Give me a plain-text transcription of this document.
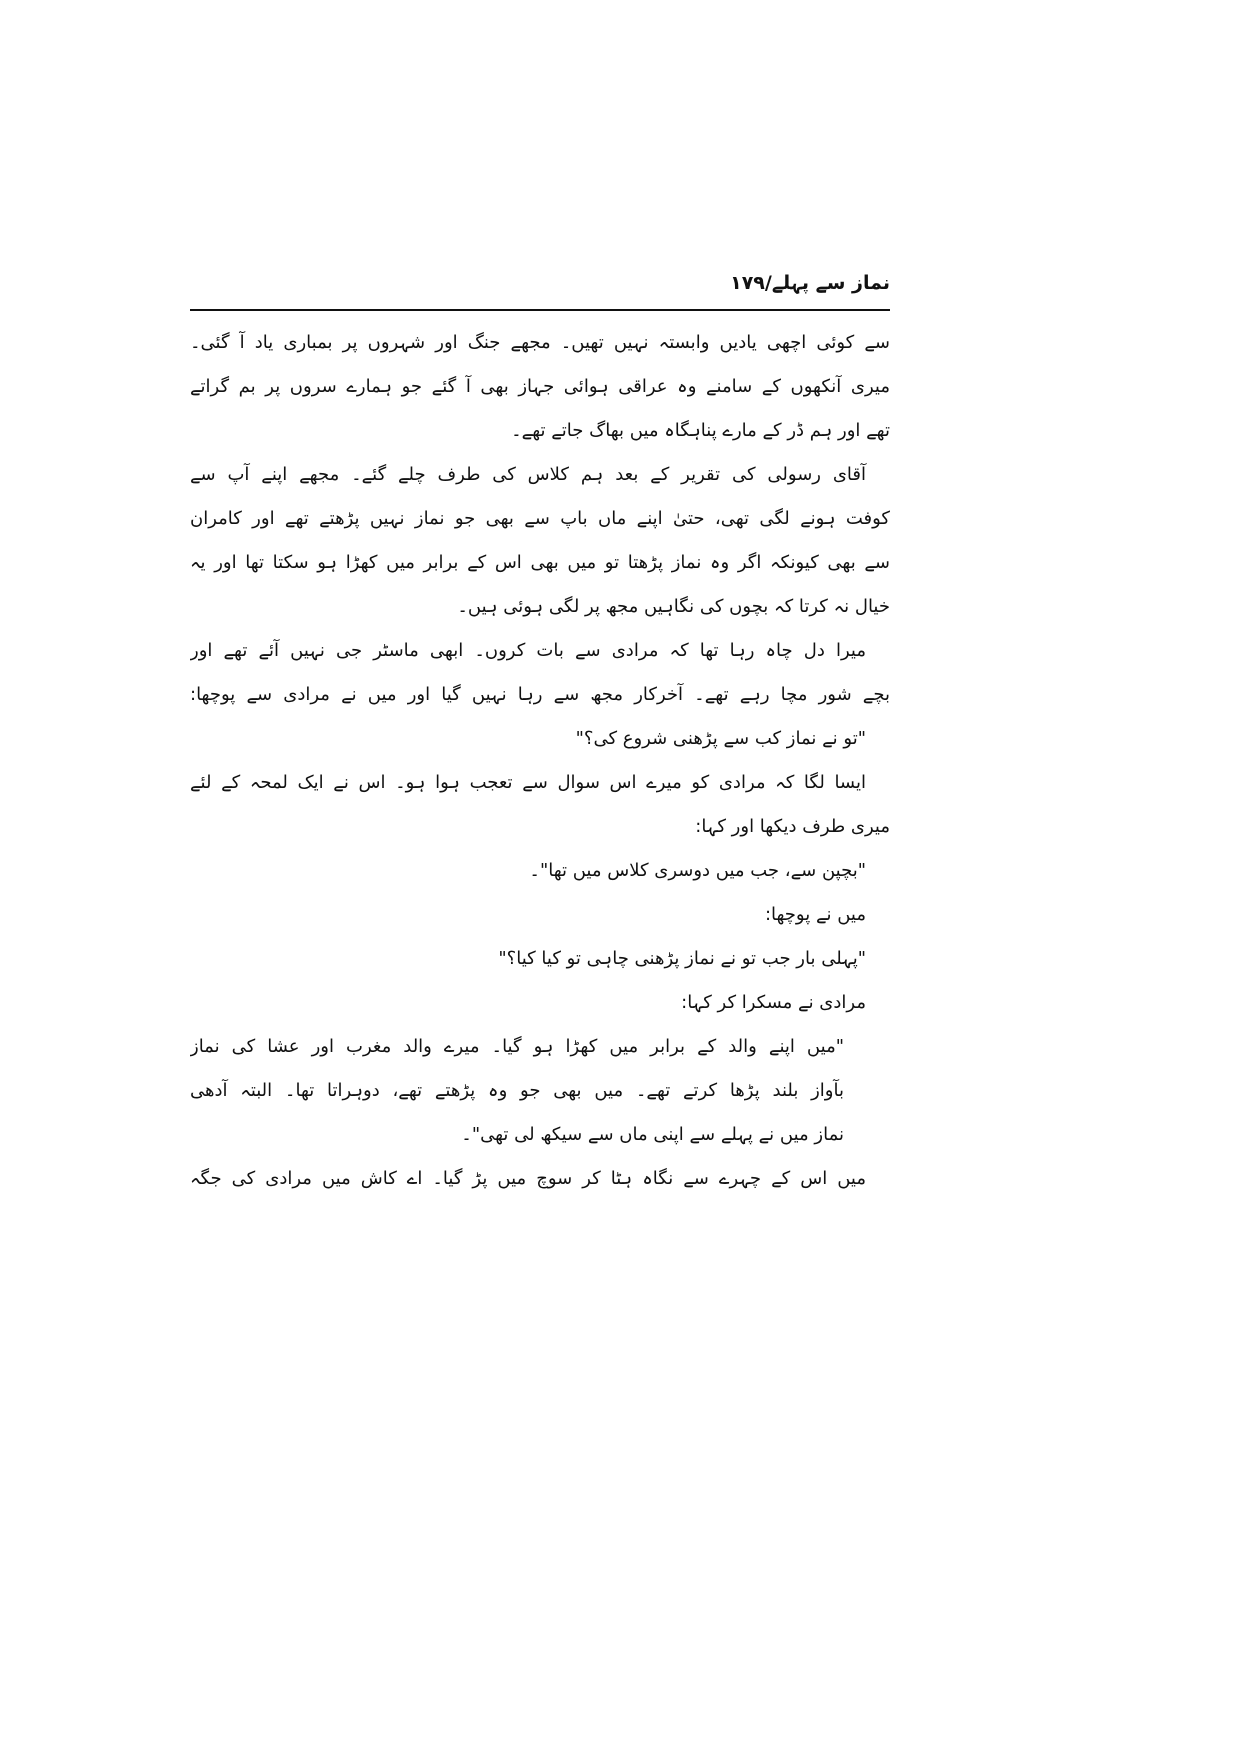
نماز سے پہلے/۱۷۹
سے کوئی اچھی یادیں وابستہ نہیں تھیں۔ مجھے جنگ اور شہروں پر بمباری یاد آ گئی۔
میری آنکھوں کے سامنے وہ عراقی ہوائی جہاز بھی آ گئے جو ہمارے سروں پر بم گراتے
تھے اور ہم ڈر کے مارے پناہگاہ میں بھاگ جاتے تھے۔
آقای رسولی کی تقریر کے بعد ہم کلاس کی طرف چلے گئے۔ مجھے اپنے آپ سے
کوفت ہونے لگی تھی، حتیٰ اپنے ماں باپ سے بھی جو نماز نہیں پڑھتے تھے اور کامران
سے بھی کیونکہ اگر وہ نماز پڑھتا تو میں بھی اس کے برابر میں کھڑا ہو سکتا تھا اور یہ
خیال نہ کرتا کہ بچوں کی نگاہیں مجھ پر لگی ہوئی ہیں۔
میرا دل چاہ رہا تھا کہ مرادی سے بات کروں۔ ابھی ماسٹر جی نہیں آئے تھے اور
بچے شور مچا رہے تھے۔ آخرکار مجھ سے رہا نہیں گیا اور میں نے مرادی سے پوچھا:
"تو نے نماز کب سے پڑھنی شروع کی؟"
ایسا لگا کہ مرادی کو میرے اس سوال سے تعجب ہوا ہو۔ اس نے ایک لمحہ کے لئے
میری طرف دیکھا اور کہا:
"بچپن سے، جب میں دوسری کلاس میں تھا"۔
میں نے پوچھا:
"پہلی بار جب تو نے نماز پڑھنی چاہی تو کیا کیا؟"
مرادی نے مسکرا کر کہا:
"میں اپنے والد کے برابر میں کھڑا ہو گیا۔ میرے والد مغرب اور عشا کی نماز
بآواز بلند پڑھا کرتے تھے۔ میں بھی جو وہ پڑھتے تھے، دوہراتا تھا۔ البتہ آدھی
نماز میں نے پہلے سے اپنی ماں سے سیکھ لی تھی"۔
میں اس کے چہرے سے نگاہ ہٹا کر سوچ میں پڑ گیا۔ اے کاش میں مرادی کی جگہ
